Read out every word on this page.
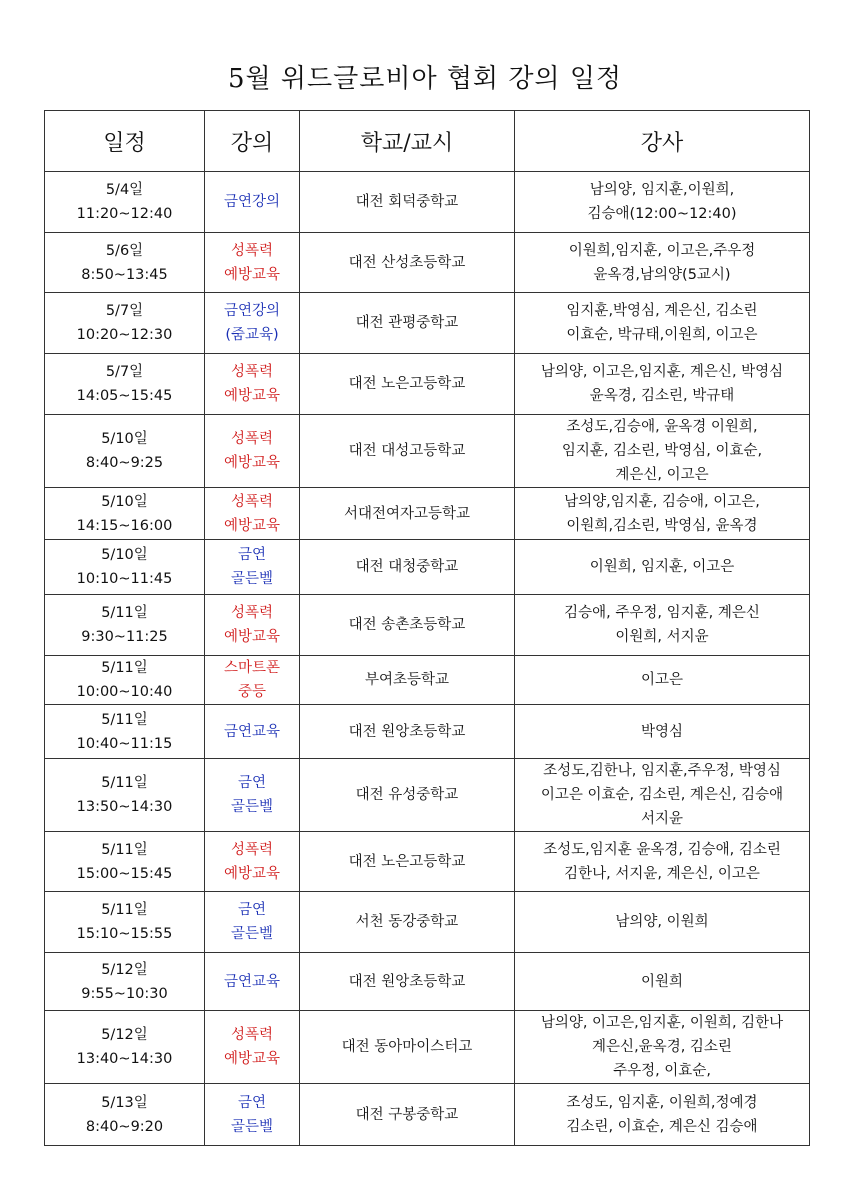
5월 위드글로비아 협회 강의 일정
일정	강의	학교/교시	강사

5/4일
11:20~12:40	금연강의	대전 회덕중학교	남의양, 임지훈,이원희,
김승애(12:00~12:40)

5/6일
8:50~13:45	성폭력
예방교육	대전 산성초등학교	이원희,임지훈, 이고은,주우정
윤옥경,남의양(5교시)

5/7일
10:20~12:30	금연강의
(줌교육)	대전 관평중학교	임지훈,박영심, 계은신, 김소린
이효순, 박규태,이원희, 이고은

5/7일
14:05~15:45	성폭력
예방교육	대전 노은고등학교	남의양, 이고은,임지훈, 계은신, 박영심
윤옥경, 김소린, 박규태

5/10일
8:40~9:25	성폭력
예방교육	대전 대성고등학교	조성도,김승애, 윤옥경 이원희,
임지훈, 김소린, 박영심, 이효순,
계은신, 이고은

5/10일
14:15~16:00	성폭력
예방교육	서대전여자고등학교	남의양,임지훈, 김승애, 이고은,
이원희,김소린, 박영심, 윤옥경

5/10일
10:10~11:45	금연
골든벨	대전 대청중학교	이원희, 임지훈, 이고은

5/11일
9:30~11:25	성폭력
예방교육	대전 송촌초등학교	김승애, 주우정, 임지훈, 계은신
이원희, 서지윤

5/11일
10:00~10:40	스마트폰
중등	부여초등학교	이고은

5/11일
10:40~11:15	금연교육	대전 원앙초등학교	박영심

5/11일
13:50~14:30	금연
골든벨	대전 유성중학교	조성도,김한나, 임지훈,주우정, 박영심
이고은 이효순, 김소린, 계은신, 김승애
서지윤

5/11일
15:00~15:45	성폭력
예방교육	대전 노은고등학교	조성도,임지훈 윤옥경, 김승애, 김소린
김한나, 서지윤, 계은신, 이고은

5/11일
15:10~15:55	금연
골든벨	서천 동강중학교	남의양, 이원희

5/12일
9:55~10:30	금연교육	대전 원앙초등학교	이원희

5/12일
13:40~14:30	성폭력
예방교육	대전 동아마이스터고	남의양, 이고은,임지훈, 이원희, 김한나
계은신,윤옥경, 김소린
주우정, 이효순,

5/13일
8:40~9:20	금연
골든벨	대전 구봉중학교	조성도, 임지훈, 이원희,정예경
김소린, 이효순, 계은신 김승애
